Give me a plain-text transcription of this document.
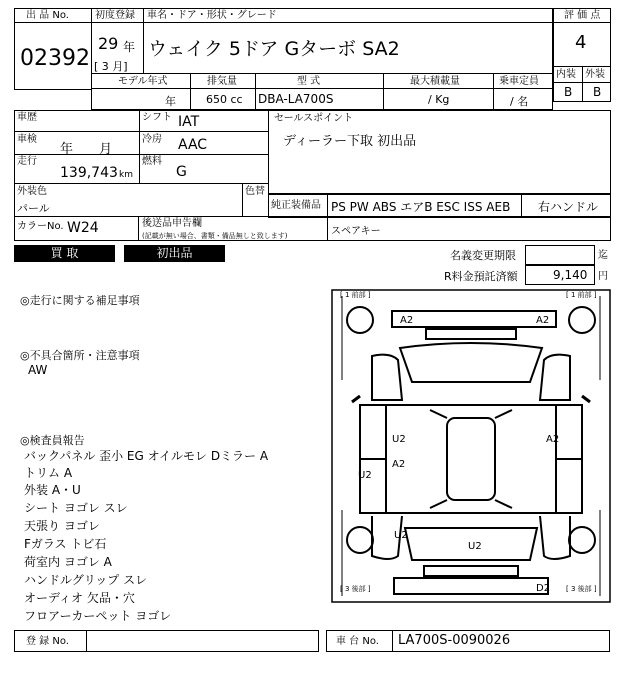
出 品 No.
02392
初度登録 車名・ドア・形状・グレード
29 年
[ 3 月]
ウェイク 5ドア Gターボ SA2
評 価 点
4
内装 外装
B B
モデル年式	排気量	型 式	最大積載量	乗車定員
年	650 cc DBA-LA700S	/ Kg	/ 名
車歴
車検
年 月
走行
139,743 km
シフト IAT
冷房 AAC
燃料
G
セールスポイント
ディーラー下取 初出品
外装色
パール
色替
純正装備品 PS PW ABS エアB ESC ISS AEB 右ハンドル
カラーNo. W24	後送品申告欄
(記載が無い場合、書類・備品無しと致します)	スペアキー
買 取	初出品	名義変更期限	迄
R料金預託済額	9,140 円
◎走行に関する補足事項
◎不具合箇所・注意事項
AW
◎検査員報告
バックパネル 歪小 EG オイルモレ Dミラー A
トリム A
外装 A・U
シート ヨゴレ スレ
天張り ヨゴレ
Fガラス トビ石
荷室内 ヨゴレ A
ハンドルグリップ スレ
オーディオ 欠品・穴
フロアーカーペット ヨゴレ
[ 1 前部 ]	[ 1 前部 ]
[ 3 後部 ]	[ 3 後部 ]
A2	A2
U2	A2
A2
U2
U2
U2
D2
登 録 No.	車 台 No. LA700S-0090026
